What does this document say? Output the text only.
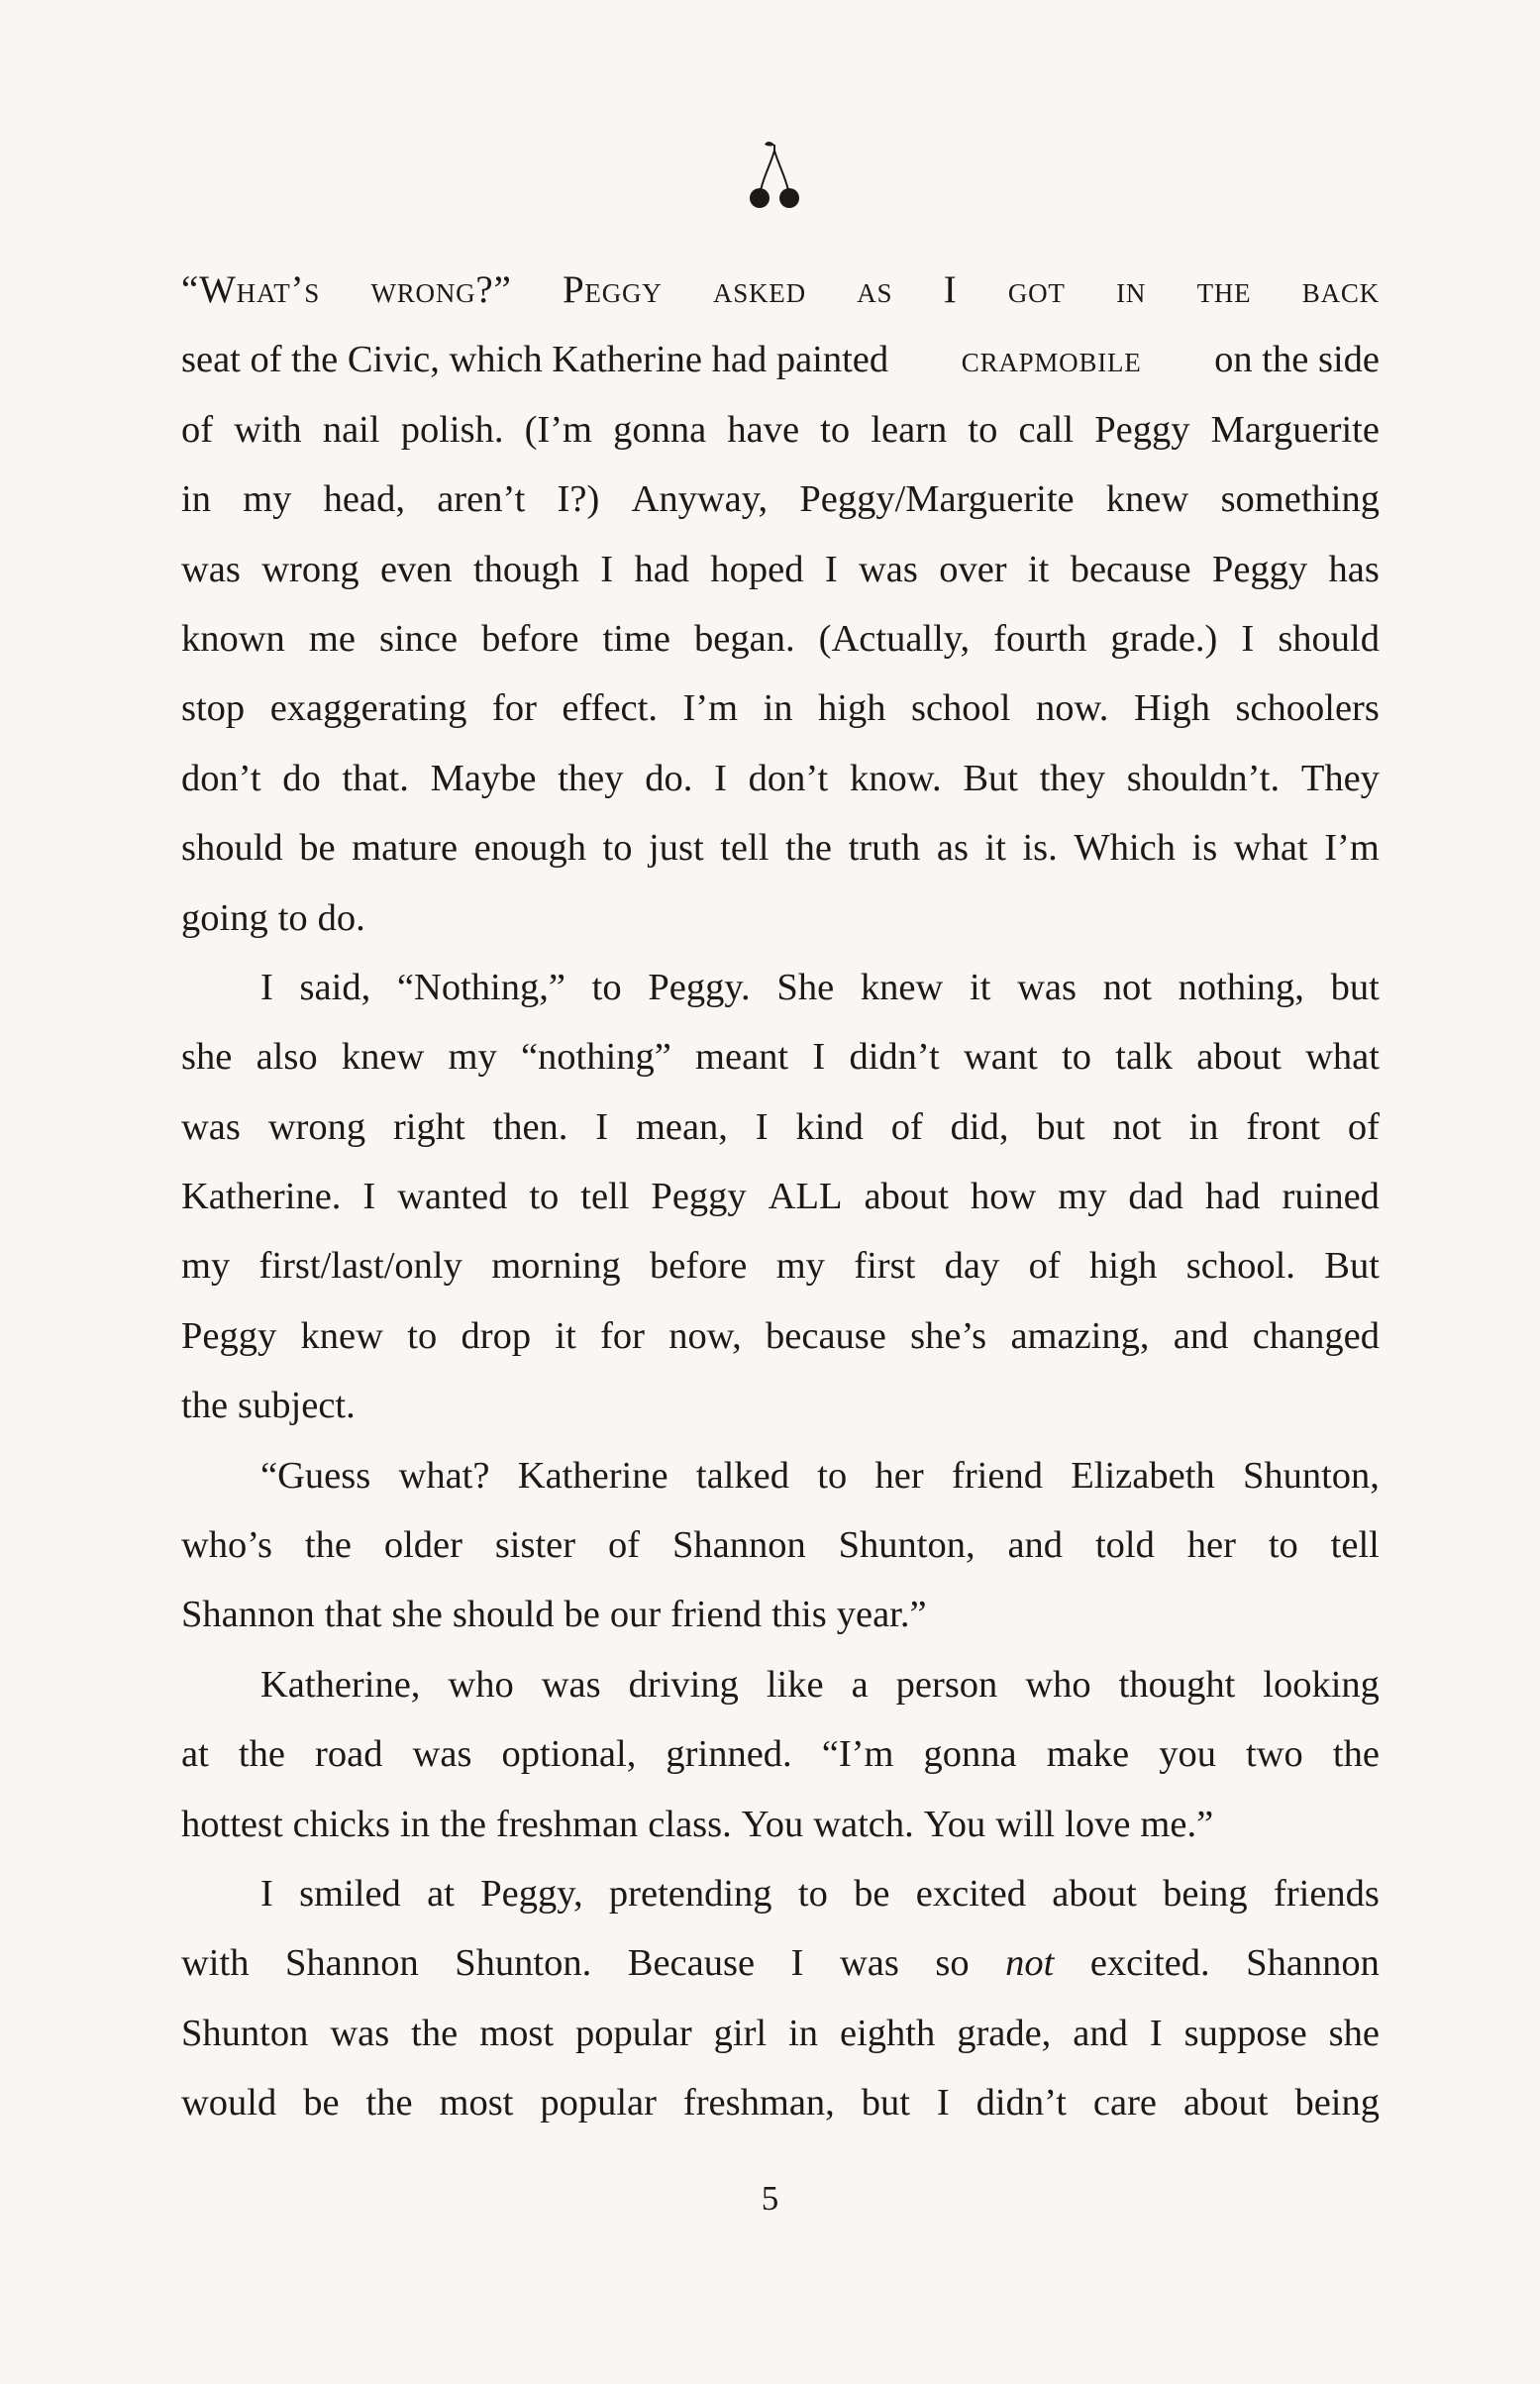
“What’s wrong?” Peggy asked as I got in the back
seat of the Civic, which Katherine had painted crapmobile on the side
of with nail polish. (I’m gonna have to learn to call Peggy Marguerite
in my head, aren’t I?) Anyway, Peggy/Marguerite knew something
was wrong even though I had hoped I was over it because Peggy has
known me since before time began. (Actually, fourth grade.) I should
stop exaggerating for effect. I’m in high school now. High schoolers
don’t do that. Maybe they do. I don’t know. But they shouldn’t. They
should be mature enough to just tell the truth as it is. Which is what I’m
going to do.
I said, “Nothing,” to Peggy. She knew it was not nothing, but
she also knew my “nothing” meant I didn’t want to talk about what
was wrong right then. I mean, I kind of did, but not in front of
Katherine. I wanted to tell Peggy ALL about how my dad had ruined
my first/last/only morning before my first day of high school. But
Peggy knew to drop it for now, because she’s amazing, and changed
the subject.
“Guess what? Katherine talked to her friend Elizabeth Shunton,
who’s the older sister of Shannon Shunton, and told her to tell
Shannon that she should be our friend this year.”
Katherine, who was driving like a person who thought looking
at the road was optional, grinned. “I’m gonna make you two the
hottest chicks in the freshman class. You watch. You will love me.”
I smiled at Peggy, pretending to be excited about being friends
with Shannon Shunton. Because I was so not excited. Shannon
Shunton was the most popular girl in eighth grade, and I suppose she
would be the most popular freshman, but I didn’t care about being
5
